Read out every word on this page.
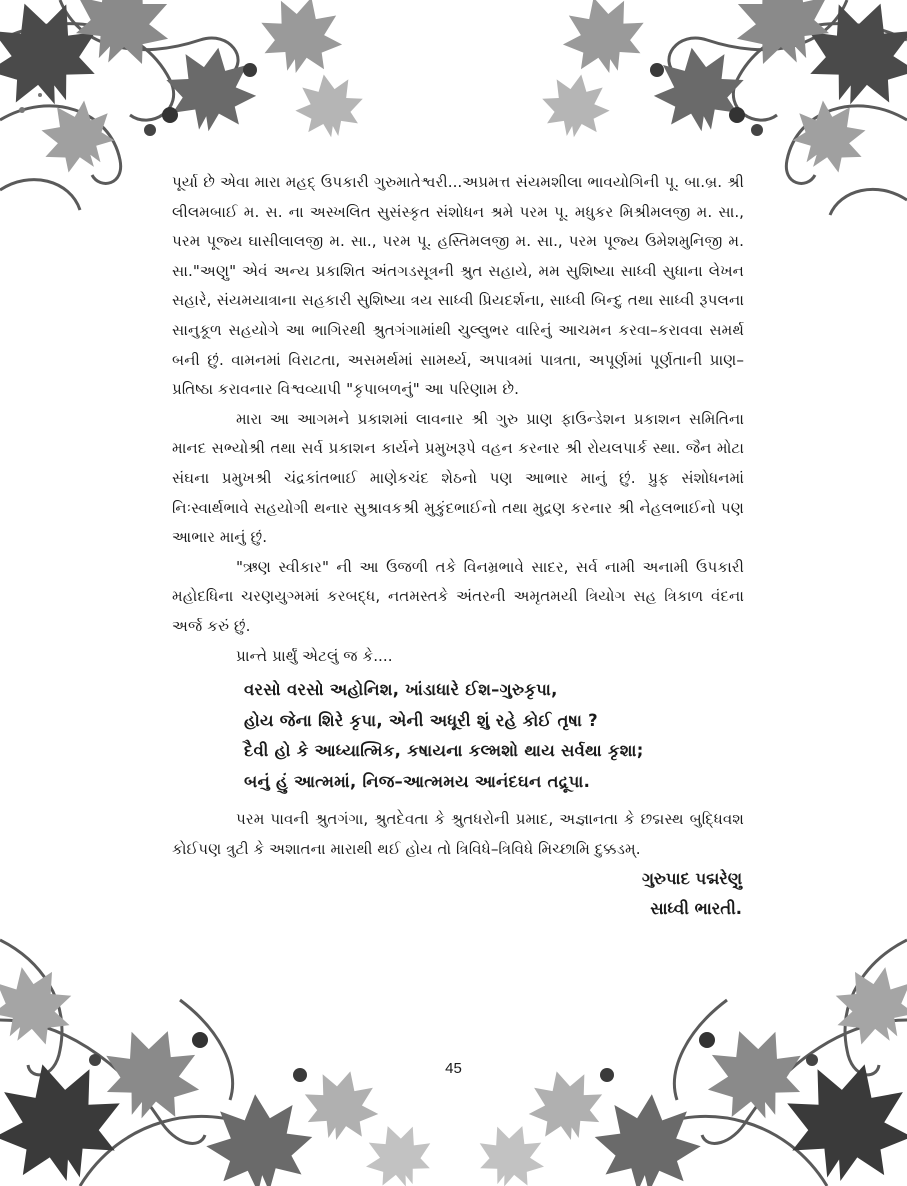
પૂર્યા છે એવા મારા મહદ્ ઉપકારી ગુરુમાતેશ્વરી...અપ્રમત્ત સંયમશીલા ભાવયોગિની પૂ. બા.બ્ર. શ્રી લીલમબાઈ મ. સ. ના અસ્ખલિત સુસંસ્કૃત સંશોધન શ્રમે પરમ પૂ. મધુકર મિશ્રીમલજી મ. સા., પરમ પૂજ્ય ઘાસીલાલજી મ. સા., પરમ પૂ. હસ્તિમલજી મ. સા., પરમ પૂજ્ય ઉમેશમુનિજી મ. સા."અણુ" એવં અન્ય પ્રકાશિત અંતગડસૂત્રની શ્રુત સહાયે, મમ સુશિષ્યા સાધ્વી સુધાના લેખન સહારે, સંયમયાત્રાના સહકારી સુશિષ્યા ત્રય સાધ્વી પ્રિયદર્શના, સાધ્વી બિન્દુ તથા સાધ્વી રૂપલના સાનુકૂળ સહયોગે આ ભાગિરથી શ્રુતગંગામાંથી ચુલ્લુભર વારિનું આચમન કરવા–કરાવવા સમર્થ બની છું. વામનમાં વિરાટતા, અસમર્થમાં સામર્થ્ય, અપાત્રમાં પાત્રતા, અપૂર્ણમાં પૂર્ણતાની પ્રાણ–પ્રતિષ્ઠા કરાવનાર વિશ્વવ્યાપી "કૃપાબળનું" આ પરિણામ છે.

મારા આ આગમને પ્રકાશમાં લાવનાર શ્રી ગુરુ પ્રાણ ફાઉન્ડેશન પ્રકાશન સમિતિના માનદ સભ્યોશ્રી તથા સર્વ પ્રકાશન કાર્યને પ્રમુખરૂપે વહન કરનાર શ્રી રોયલપાર્ક સ્થા. જૈન મોટા સંઘના પ્રમુખશ્રી ચંદ્રકાંતભાઈ માણેકચંદ શેઠનો પણ આભાર માનું છું. પ્રુફ સંશોધનમાં નિઃસ્વાર્થભાવે સહયોગી થનાર સુશ્રાવકશ્રી મુકુંદભાઈનો તથા મુદ્રણ કરનાર શ્રી નેહલભાઈનો પણ આભાર માનું છું.

"ઋણ સ્વીકાર" ની આ ઉજળી તકે વિનમ્રભાવે સાદર, સર્વ નામી અનામી ઉપકારી મહોદધિના ચરણયુગ્મમાં કરબદ્ધ, નતમસ્તકે અંતરની અમૃતમયી ત્રિયોગ સહ ત્રિકાળ વંદના અર્જ કરું છું.

પ્રાન્તે પ્રાર્થું એટલું જ કે....

વરસો વરસો અહોનિશ, ખાંડાધારે ઈશ–ગુરુકૃપા,
હોય જેના શિરે કૃપા, એની અધૂરી શું રહે કોઈ તૃષા ?
દૈવી હો કે આધ્યાત્મિક, કષાયના કલ્મશો થાય સર્વથા કૃશા;
બનું હું આત્મમાં, નિજ–આત્મમય આનંદઘન તદ્રૂપા.

પરમ પાવની શ્રુતગંગા, શ્રુતદેવતા કે શ્રુતધરોની પ્રમાદ, અજ્ઞાનતા કે છદ્મસ્થ બુદ્ધિવશ કોઈપણ ત્રુટી કે અશાતના મારાથી થઈ હોય તો ત્રિવિધે–ત્રિવિધે મિચ્છામિ દુક્કડમ્.

ગુરુપાદ પદ્મરેણુ
સાધ્વી ભારતી.
45
